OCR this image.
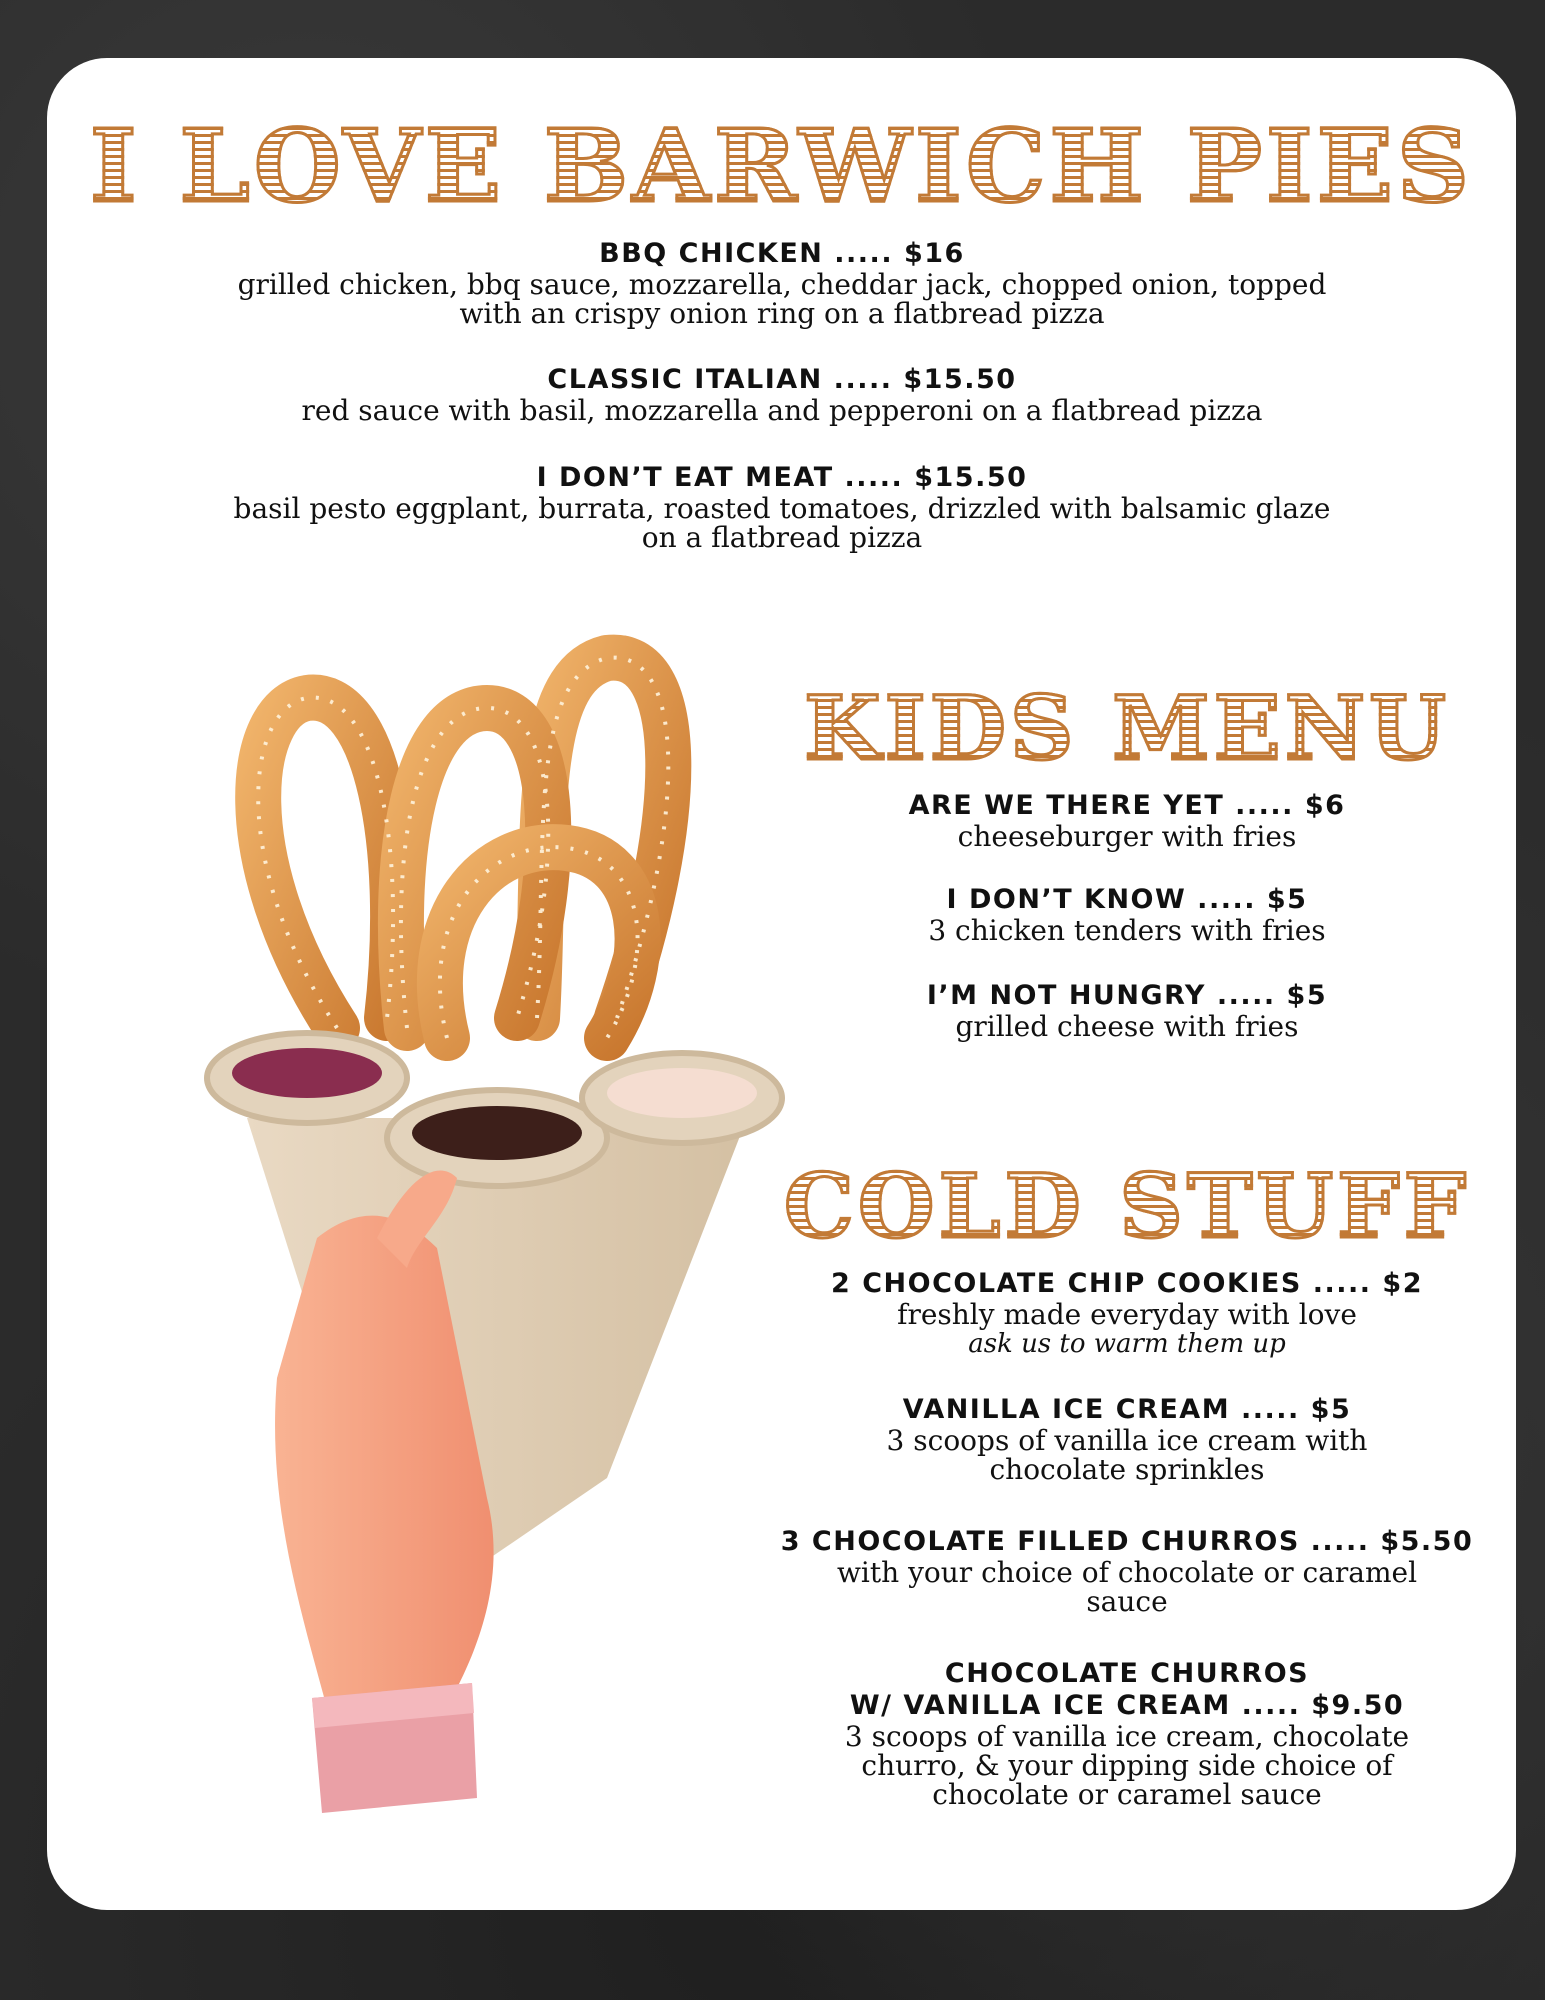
I LOVE BARWICH PIES
BBQ CHICKEN ..... $16
grilled chicken, bbq sauce, mozzarella, cheddar jack, chopped onion, topped
with an crispy onion ring on a flatbread pizza
CLASSIC ITALIAN ..... $15.50
red sauce with basil, mozzarella and pepperoni on a flatbread pizza
I DON’T EAT MEAT ..... $15.50
basil pesto eggplant, burrata, roasted tomatoes, drizzled with balsamic glaze
on a flatbread pizza
KIDS MENU
ARE WE THERE YET ..... $6
cheeseburger with fries
I DON’T KNOW ..... $5
3 chicken tenders with fries
I’M NOT HUNGRY ..... $5
grilled cheese with fries
COLD STUFF
2 CHOCOLATE CHIP COOKIES ..... $2
freshly made everyday with love
ask us to warm them up
VANILLA ICE CREAM ..... $5
3 scoops of vanilla ice cream with
chocolate sprinkles
3 CHOCOLATE FILLED CHURROS ..... $5.50
with your choice of chocolate or caramel
sauce
CHOCOLATE CHURROS
W/ VANILLA ICE CREAM ..... $9.50
3 scoops of vanilla ice cream, chocolate
churro, & your dipping side choice of
chocolate or caramel sauce
